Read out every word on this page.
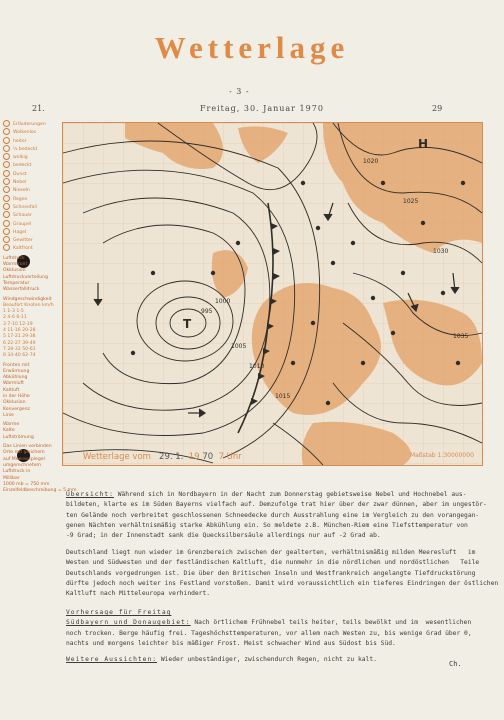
Wetterlage
- 3 -
21.	Freitag, 30. Januar 1970	29
Erläuterungen
Wolkenlos
heiter
½ bedeckt
wolkig
bedeckt
Dunst
Nebel
Nieseln
Regen
Schneefall
Schauer
Graupel
Hagel
Gewitter
Kaltfront
Luftdruck
Warmfront
Okklusion
Luftdruckverteilung
Temperatur
Wasserfalldruck
Windgeschwindigkeit
Beaufort Knoten km/h
1 1-3 1-5
2 4-6 6-11
3 7-10 12-19
4 11-16 20-28
5 17-21 29-38
6 22-27 39-49
7 28-33 50-61
8 34-40 62-74
Fronten mit
Erwärmung
Abkühlung
Warmluft
Kaltluft
in der Höhe
Okklusion
Konvergenz
Linie
Warme
Kalte
Luftströmung
Das Linien verbinden
Orte mit gleichem
auf Meeresspiegel
umgerechnetem
Luftdruck in
Millibar
1000 mb = 750 mm
Einzelfeldbeschreibung = 5 mm
T
H
995
1000
1005
1010
1015
1020
1025
1030
1035
Wetterlage vom 29. 1. 19 70 7 Uhr	Maßstab 1:30000000
Übersicht: Während sich in Nordbayern in der Nacht zum Donnerstag gebietsweise Nebel und Hochnebel aus-
bildeten, klarte es im Süden Bayerns vielfach auf. Demzufolge trat hier über der zwar dünnen, aber im ungestör-
ten Gelände noch verbreitet geschlossenen Schneedecke durch Ausstrahlung eine im Vergleich zu den vorangegan-
genen Nächten verhältnismäßig starke Abkühlung ein. So meldete z.B. München-Riem eine Tiefsttemperatur von
-9 Grad; in der Innenstadt sank die Quecksilbersäule allerdings nur auf -2 Grad ab.
Deutschland liegt nun wieder im Grenzbereich zwischen der gealterten, verhältnismäßig milden Meeresluft   im
Westen und Südwesten und der festländischen Kaltluft, die nunmehr in die nördlichen und nordöstlichen   Teile
Deutschlands vorgedrungen ist. Die über den Britischen Inseln und Westfrankreich angelangte Tiefdruckstörung
dürfte jedoch noch weiter ins Festland vorstoßen. Damit wird voraussichtlich ein tieferes Eindringen der östlichen
Kaltluft nach Mitteleuropa verhindert.
Vorhersage für Freitag
Südbayern und Donaugebiet: Nach örtlichem Frühnebel teils heiter, teils bewölkt und im  wesentlichen
noch trocken. Berge häufig frei. Tageshöchsttemperaturen, vor allem nach Westen zu, bis wenige Grad über 0,
nachts und morgens leichter bis mäßiger Frost. Meist schwacher Wind aus Südost bis Süd.
Weitere Aussichten: Wieder unbeständiger, zwischendurch Regen, nicht zu kalt.
Ch.
